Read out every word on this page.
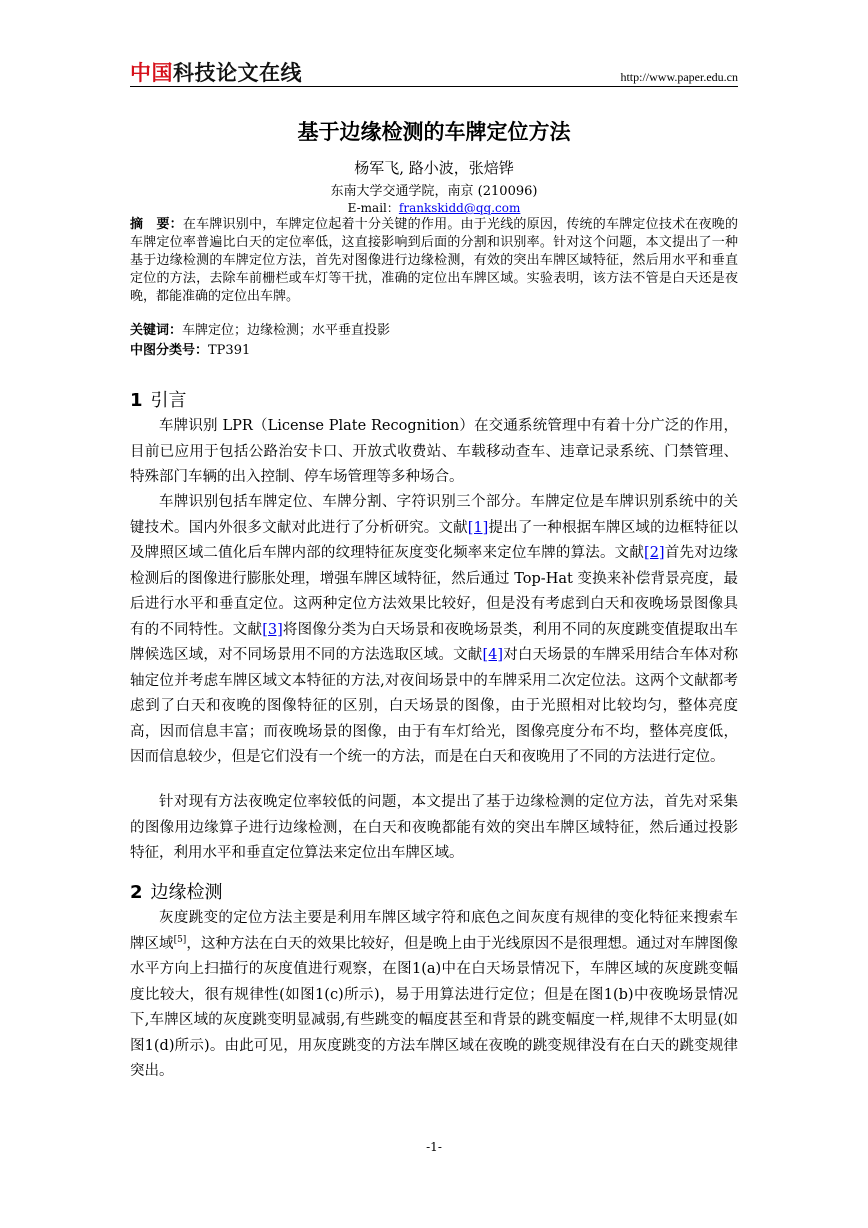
中国科技论文在线	http://www.paper.edu.cn
基于边缘检测的车牌定位方法
杨军飞, 路小波，张焙铧
东南大学交通学院，南京 (210096)
E-mail：frankskidd@qq.com
摘　要：在车牌识别中，车牌定位起着十分关键的作用。由于光线的原因，传统的车牌定位技术在夜晚的车牌定位率普遍比白天的定位率低，这直接影响到后面的分割和识别率。针对这个问题，本文提出了一种基于边缘检测的车牌定位方法，首先对图像进行边缘检测，有效的突出车牌区域特征，然后用水平和垂直定位的方法，去除车前栅栏或车灯等干扰，准确的定位出车牌区域。实验表明，该方法不管是白天还是夜晚，都能准确的定位出车牌。
关键词：车牌定位；边缘检测；水平垂直投影
中图分类号：TP391
1 引言
车牌识别 LPR（License Plate Recognition）在交通系统管理中有着十分广泛的作用，目前已应用于包括公路治安卡口、开放式收费站、车载移动查车、违章记录系统、门禁管理、特殊部门车辆的出入控制、停车场管理等多种场合。
车牌识别包括车牌定位、车牌分割、字符识别三个部分。车牌定位是车牌识别系统中的关键技术。国内外很多文献对此进行了分析研究。文献[1]提出了一种根据车牌区域的边框特征以及牌照区域二值化后车牌内部的纹理特征灰度变化频率来定位车牌的算法。文献[2]首先对边缘检测后的图像进行膨胀处理，增强车牌区域特征，然后通过 Top-Hat 变换来补偿背景亮度，最后进行水平和垂直定位。这两种定位方法效果比较好，但是没有考虑到白天和夜晚场景图像具有的不同特性。文献[3]将图像分类为白天场景和夜晚场景类，利用不同的灰度跳变值提取出车牌候选区域，对不同场景用不同的方法选取区域。文献[4]对白天场景的车牌采用结合车体对称轴定位并考虑车牌区域文本特征的方法,对夜间场景中的车牌采用二次定位法。这两个文献都考虑到了白天和夜晚的图像特征的区别，白天场景的图像，由于光照相对比较均匀，整体亮度高，因而信息丰富；而夜晚场景的图像，由于有车灯给光，图像亮度分布不均，整体亮度低，因而信息较少，但是它们没有一个统一的方法，而是在白天和夜晚用了不同的方法进行定位。
针对现有方法夜晚定位率较低的问题，本文提出了基于边缘检测的定位方法，首先对采集的图像用边缘算子进行边缘检测，在白天和夜晚都能有效的突出车牌区域特征，然后通过投影特征，利用水平和垂直定位算法来定位出车牌区域。
2 边缘检测
灰度跳变的定位方法主要是利用车牌区域字符和底色之间灰度有规律的变化特征来搜索车牌区域[5]，这种方法在白天的效果比较好，但是晚上由于光线原因不是很理想。通过对车牌图像水平方向上扫描行的灰度值进行观察，在图1(a)中在白天场景情况下，车牌区域的灰度跳变幅度比较大，很有规律性(如图1(c)所示)，易于用算法进行定位；但是在图1(b)中夜晚场景情况下,车牌区域的灰度跳变明显减弱,有些跳变的幅度甚至和背景的跳变幅度一样,规律不太明显(如图1(d)所示)。由此可见，用灰度跳变的方法车牌区域在夜晚的跳变规律没有在白天的跳变规律突出。
-1-
